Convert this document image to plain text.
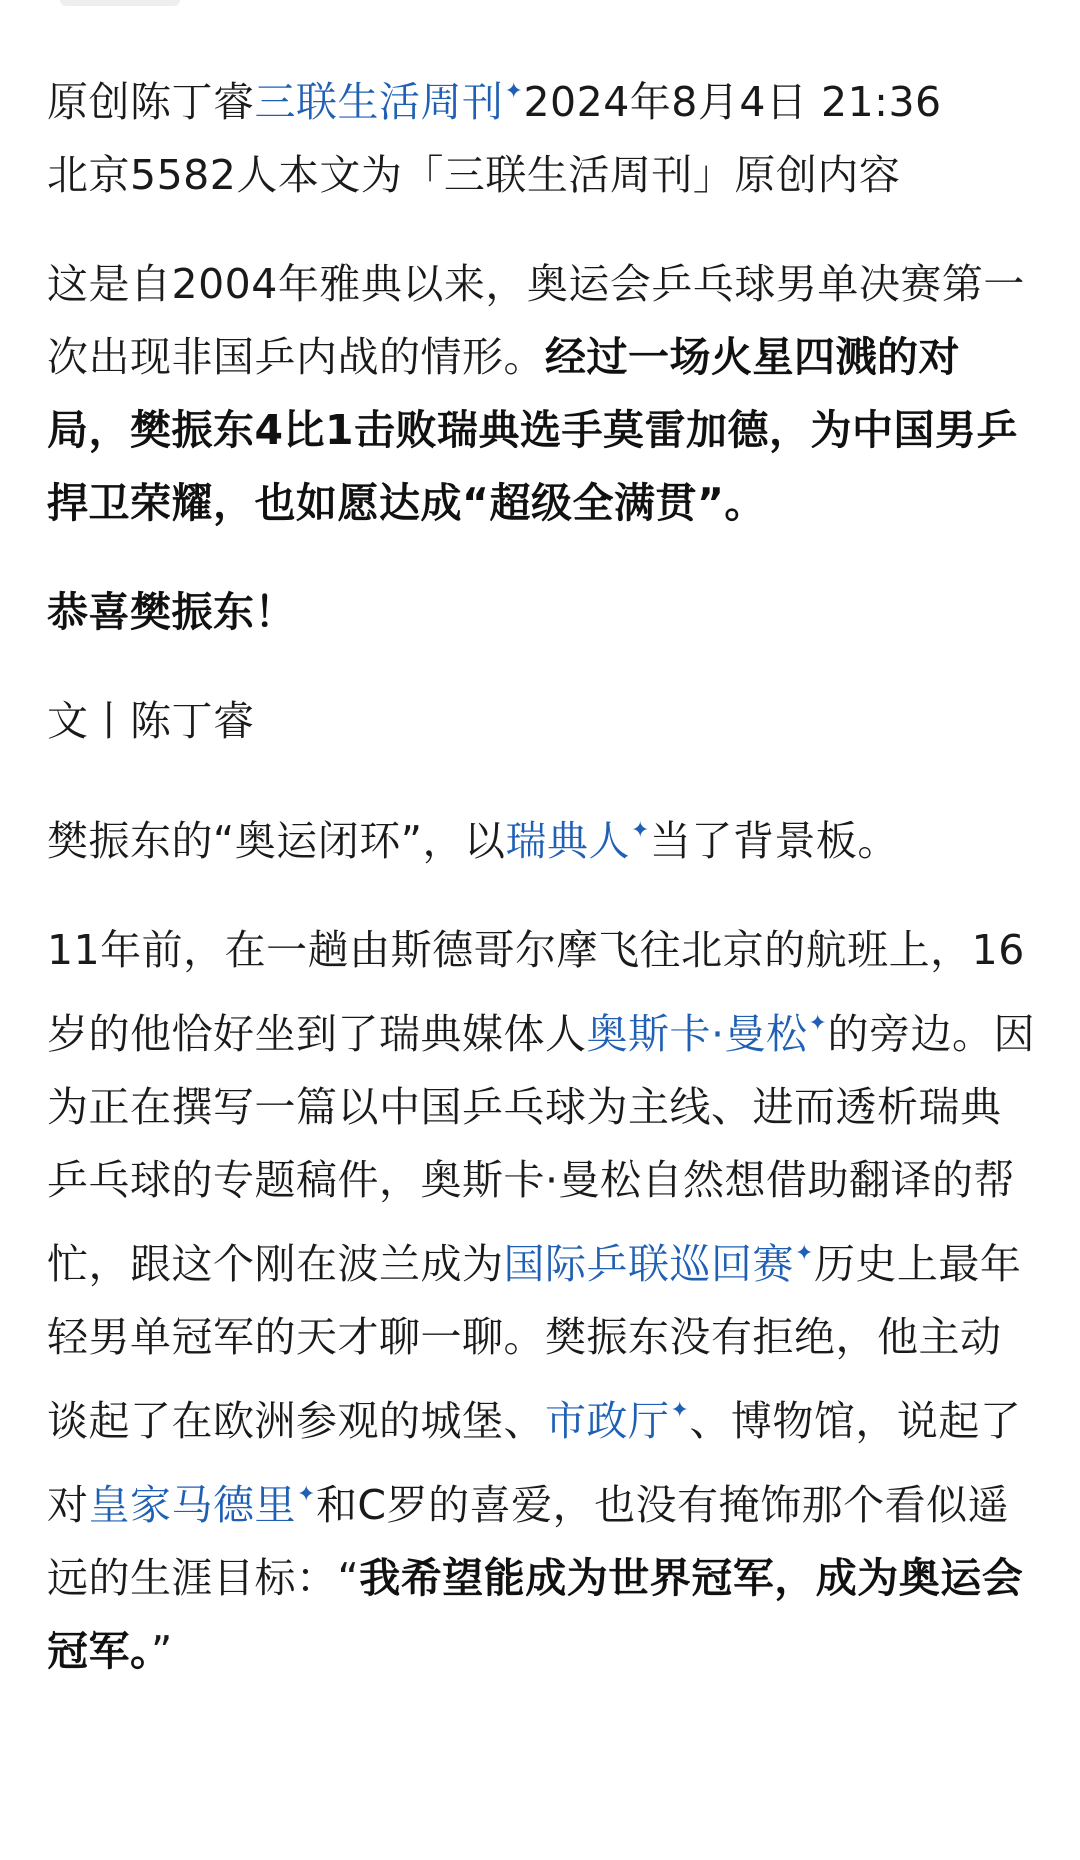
原创陈丁睿三联生活周刊✦2024年8月4日 21:36
北京5582人本文为「三联生活周刊」原创内容

这是自2004年雅典以来，奥运会乒乓球男单决赛第一次出现非国乒内战的情形。经过一场火星四溅的对局，樊振东4比1击败瑞典选手莫雷加德，为中国男乒捍卫荣耀，也如愿达成“超级全满贯”。

恭喜樊振东！

文丨陈丁睿

樊振东的“奥运闭环”，以瑞典人✦当了背景板。

11年前，在一趟由斯德哥尔摩飞往北京的航班上，16岁的他恰好坐到了瑞典媒体人奥斯卡·曼松✦的旁边。因为正在撰写一篇以中国乒乓球为主线、进而透析瑞典乒乓球的专题稿件，奥斯卡·曼松自然想借助翻译的帮忙，跟这个刚在波兰成为国际乒联巡回赛✦历史上最年轻男单冠军的天才聊一聊。樊振东没有拒绝，他主动谈起了在欧洲参观的城堡、市政厅✦、博物馆，说起了对皇家马德里✦和C罗的喜爱，也没有掩饰那个看似遥远的生涯目标：“我希望能成为世界冠军，成为奥运会冠军。”
